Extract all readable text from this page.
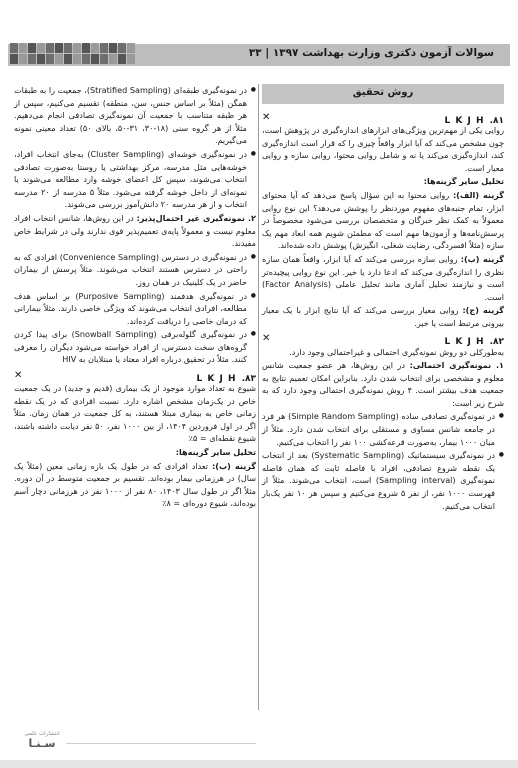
سوالات آزمون دکتری وزارت بهداشت ۱۳۹۷ | ۳۳
روش تحقیق
۸۱. L K J H
✕

روایی یکی از مهم‌ترین ویژگی‌های ابزارهای اندازه‌گیری در پژوهش است، چون مشخص می‌کند که آیا ابزار واقعاً چیزی را که قرار است اندازه‌گیری کند، اندازه‌گیری می‌کند یا نه و شامل روایی محتوا، روایی سازه و روایی معیار است.

تحلیل سایر گزینه‌ها:

گزینه (الف): روایی محتوا به این سؤال پاسخ می‌دهد که آیا محتوای ابزار، تمام جنبه‌های مفهوم موردنظر را پوشش می‌دهد؟ این نوع روایی معمولاً به کمک نظر خبرگان و متخصصان بررسی می‌شود مخصوصاً در پرسش‌نامه‌ها و آزمون‌ها مهم است که مطمئن شویم همه ابعاد مهم یک سازه (مثلاً افسردگی، رضایت شغلی، انگیزش) پوشش داده شده‌اند.

گزینه (ب): روایی سازه بررسی می‌کند که آیا ابزار، واقعاً همان سازه نظری را اندازه‌گیری می‌کند که ادعا دارد یا خیر. این نوع روایی پیچیده‌تر است و نیازمند تحلیل آماری مانند تحلیل عاملی (Factor Analysis) است.

گزینه (ج): روایی معیار بررسی می‌کند که آیا نتایج ابزار با یک معیار بیرونی مرتبط است یا خیر.

۸۲. L K J H
✕

به‌طورکلی دو روش نمونه‌گیری احتمالی و غیراحتمالی وجود دارد.

۱. نمونه‌گیری احتمالی: در این روش‌ها، هر عضو جمعیت شانس معلوم و مشخصی برای انتخاب شدن دارد. بنابراین امکان تعمیم نتایج به جمعیت هدف بیشتر است. ۴ روش نمونه‌گیری احتمالی وجود دارد که به شرح زیر است:

● در نمونه‌گیری تصادفی ساده (Simple Random Sampling) هر فرد در جامعه شانس مساوی و مستقلی برای انتخاب شدن دارد. مثلاً از میان ۱۰۰۰ بیمار، به‌صورت قرعه‌کشی ۱۰۰ نفر را انتخاب می‌کنیم.

● در نمونه‌گیری سیستماتیک (Systematic Sampling) بعد از انتخاب یک نقطه شروع تصادفی، افراد با فاصله ثابت که همان فاصله نمونه‌گیری (Sampling interval) است، انتخاب می‌شوند. مثلاً از فهرست ۱۰۰۰ نفر، از نفر ۵ شروع می‌کنیم و سپس هر ۱۰ نفر یک‌بار انتخاب می‌کنیم.

● در نمونه‌گیری طبقه‌ای (Stratified Sampling)، جمعیت را به طبقات همگن (مثلاً بر اساس جنس، سن، منطقه) تقسیم می‌کنیم، سپس از هر طبقه متناسب با جمعیت آن نمونه‌گیری تصادفی انجام می‌دهیم. مثلاً از هر گروه سنی (۱۸-۳۰، ۳۱-۵۰، بالای ۵۰) تعداد معینی نمونه می‌گیریم.

● در نمونه‌گیری خوشه‌ای (Cluster Sampling) به‌جای انتخاب افراد، خوشه‌هایی مثل مدرسه، مرکز بهداشتی یا روستا به‌صورت تصادفی انتخاب می‌شوند، سپس کل اعضای خوشه وارد مطالعه می‌شوند یا نمونه‌ای از داخل خوشه گرفته می‌شود. مثلاً ۵ مدرسه از ۲۰ مدرسه انتخاب و از هر مدرسه ۲۰ دانش‌آموز بررسی می‌شوند.

۲. نمونه‌گیری غیر احتمال‌پذیر: در این روش‌ها، شانس انتخاب افراد معلوم نیست و معمولاً پایه‌ی تعمیم‌پذیر قوی ندارند ولی در شرایط خاص مفیدند.

● در نمونه‌گیری در دسترس (Convenience Sampling) افرادی که به راحتی در دسترس هستند انتخاب می‌شوند. مثلاً پرسش از بیماران حاضر در یک کلینیک در همان روز.

● در نمونه‌گیری هدفمند (Purposive Sampling) بر اساس هدف مطالعه، افرادی انتخاب می‌شوند که ویژگی خاصی دارند. مثلاً بیمارانی که درمان خاصی را دریافت کرده‌اند.

● در نمونه‌گیری گلوله‌برفی (Snowball Sampling) برای پیدا کردن گروه‌های سخت دسترس، از افراد خواسته می‌شود دیگران را معرفی کنند. مثلاً در تحقیق درباره افراد معتاد یا مبتلایان به HIV

۸۳. L K J H
✕

شیوع به تعداد موارد موجود از یک بیماری (قدیم و جدید) در یک جمعیت خاص در یک‌زمان مشخص اشاره دارد. نسبت افرادی که در یک نقطه زمانی خاص به بیماری مبتلا هستند، به کل جمعیت در همان زمان. مثلاً اگر در اول فروردین ۱۴۰۴، از بین ۱۰۰۰ نفر، ۵۰ نفر دیابت داشته باشند، شیوع نقطه‌ای = ۵٪

تحلیل سایر گزینه‌ها:

گزینه (ب): تعداد افرادی که در طول یک بازه زمانی معین (مثلاً یک سال) در هرزمانی بیمار بوده‌اند. تقسیم بر جمعیت متوسط در آن دوره. مثلاً اگر در طول سال ۱۴۰۳، ۸۰ نفر از ۱۰۰۰ نفر در هرزمانی دچار آسم بوده‌اند، شیوع دوره‌ای = ۸٪

انتشارات علمی
سـنـا
